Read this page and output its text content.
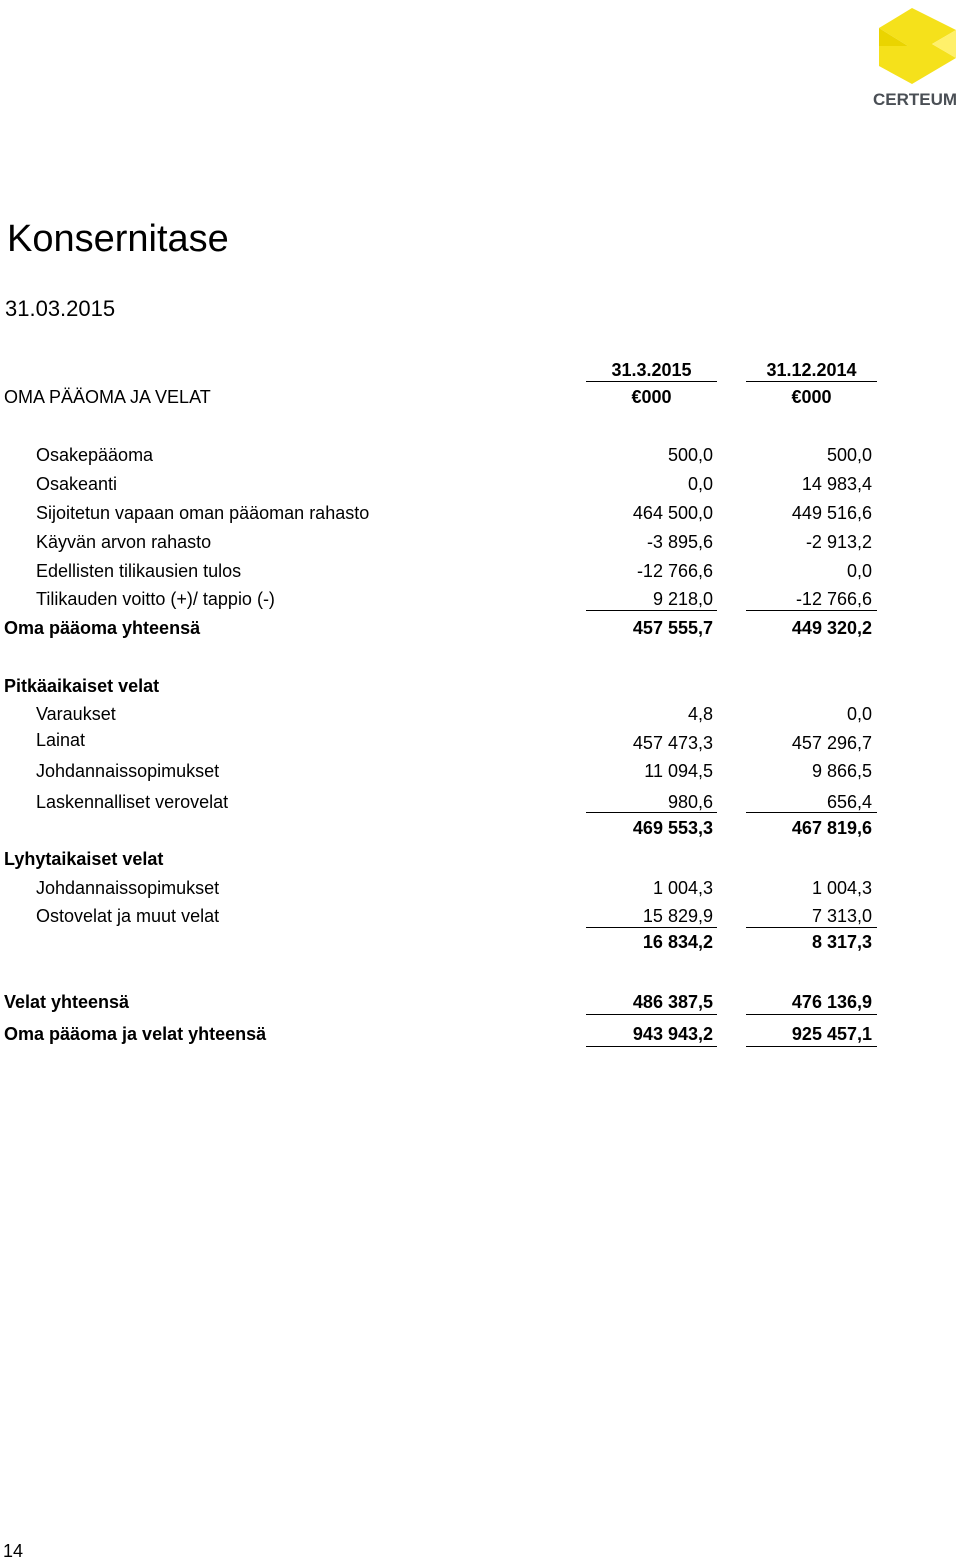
CERTEUM
Konsernitase
31.03.2015
31.3.2015	31.12.2014
OMA PÄÄOMA JA VELAT	€000	€000
Osakepääoma	500,0	500,0
Osakeanti	0,0	14 983,4
Sijoitetun vapaan oman pääoman rahasto	464 500,0	449 516,6
Käyvän arvon rahasto	-3 895,6	-2 913,2
Edellisten tilikausien tulos	-12 766,6	0,0
Tilikauden voitto (+)/ tappio (-)	9 218,0	-12 766,6
Oma pääoma yhteensä	457 555,7	449 320,2
Pitkäaikaiset velat
Varaukset	4,8	0,0
Lainat	457 473,3	457 296,7
Johdannaissopimukset	11 094,5	9 866,5
Laskennalliset verovelat	980,6	656,4
469 553,3	467 819,6
Lyhytaikaiset velat
Johdannaissopimukset	1 004,3	1 004,3
Ostovelat ja muut velat	15 829,9	7 313,0
16 834,2	8 317,3
Velat yhteensä	486 387,5	476 136,9
Oma pääoma ja velat yhteensä	943 943,2	925 457,1
14
